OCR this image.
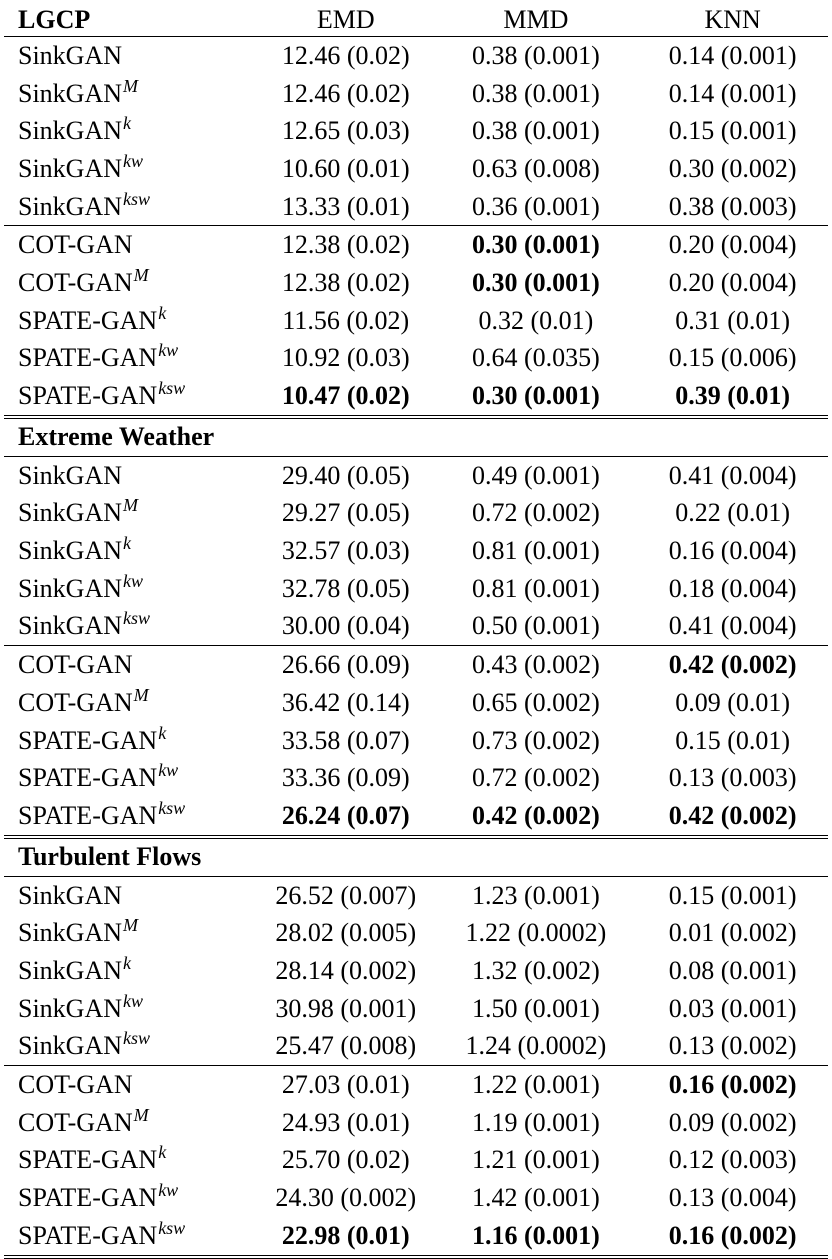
LGCP	EMD	MMD	KNN
SinkGAN	12.46 (0.02)	0.38 (0.001)	0.14 (0.001)
SinkGAN$^M$	12.46 (0.02)	0.38 (0.001)	0.14 (0.001)
SinkGAN$^k$	12.65 (0.03)	0.38 (0.001)	0.15 (0.001)
SinkGAN$^{kw}$	10.60 (0.01)	0.63 (0.008)	0.30 (0.002)
SinkGAN$^{ksw}$	13.33 (0.01)	0.36 (0.001)	0.38 (0.003)
COT-GAN	12.38 (0.02)	0.30 (0.001)	0.20 (0.004)
COT-$GAN^M$	12.38 (0.02)	0.30 (0.001)	0.20 (0.004)
SPATE-GAN$^k$	11.56 (0.02)	0.32 (0.01)	0.31 (0.01)
SPATE-$GAN^{kw}$	10.92 (0.03)	0.64 (0.035)	0.15 (0.006)
SPATE-$GAN^{ksw}$	10.47 (0.02)	0.30 (0.001)	0.39 (0.01)
Extreme Weather			
SinkGAN	29.40 (0.05)	0.49 (0.001)	0.41 (0.004)
SinkGAN$^M$	29.27 (0.05)	0.72 (0.002)	0.22 (0.01)
SinkGAN$^k$	32.57 (0.03)	0.81 (0.001)	0.16 (0.004)
SinkGAN$^{kw}$	32.78 (0.05)	0.81 (0.001)	0.18 (0.004)
SinkGAN$^{ksw}$	30.00 (0.04)	0.50 (0.001)	0.41 (0.004)
COT-GAN	26.66 (0.09)	0.43 (0.002)	0.42 (0.002)
COT-$GAN^M$	36.42 (0.14)	0.65 (0.002)	0.09 (0.01)
SPATE-GAN$^k$	33.58 (0.07)	0.73 (0.002)	0.15 (0.01)
SPATE-$GAN^{kw}$	33.36 (0.09)	0.72 (0.002)	0.13 (0.003)
SPATE-$GAN^{ksw}$	26.24 (0.07)	0.42 (0.002)	0.42 (0.002)
Turbulent Flows			
SinkGAN	26.52 (0.007)	1.23 (0.001)	0.15 (0.001)
SinkGAN$^M$	28.02 (0.005)	1.22 (0.0002)	0.01 (0.002)
SinkGAN$^k$	28.14 (0.002)	1.32 (0.002)	0.08 (0.001)
SinkGAN$^{kw}$	30.98 (0.001)	1.50 (0.001)	0.03 (0.001)
SinkGAN$^{ksw}$	25.47 (0.008)	1.24 (0.0002)	0.13 (0.002)
COT-GAN	27.03 (0.01)	1.22 (0.001)	0.16 (0.002)
COT-$GAN^M$	24.93 (0.01)	1.19 (0.001)	0.09 (0.002)
SPATE-GAN$^k$	25.70 (0.02)	1.21 (0.001)	0.12 (0.003)
SPATE-$GAN^{kw}$	24.30 (0.002)	1.42 (0.001)	0.13 (0.004)
SPATE-$GAN^{ksw}$	22.98 (0.01)	1.16 (0.001)	0.16 (0.002)
